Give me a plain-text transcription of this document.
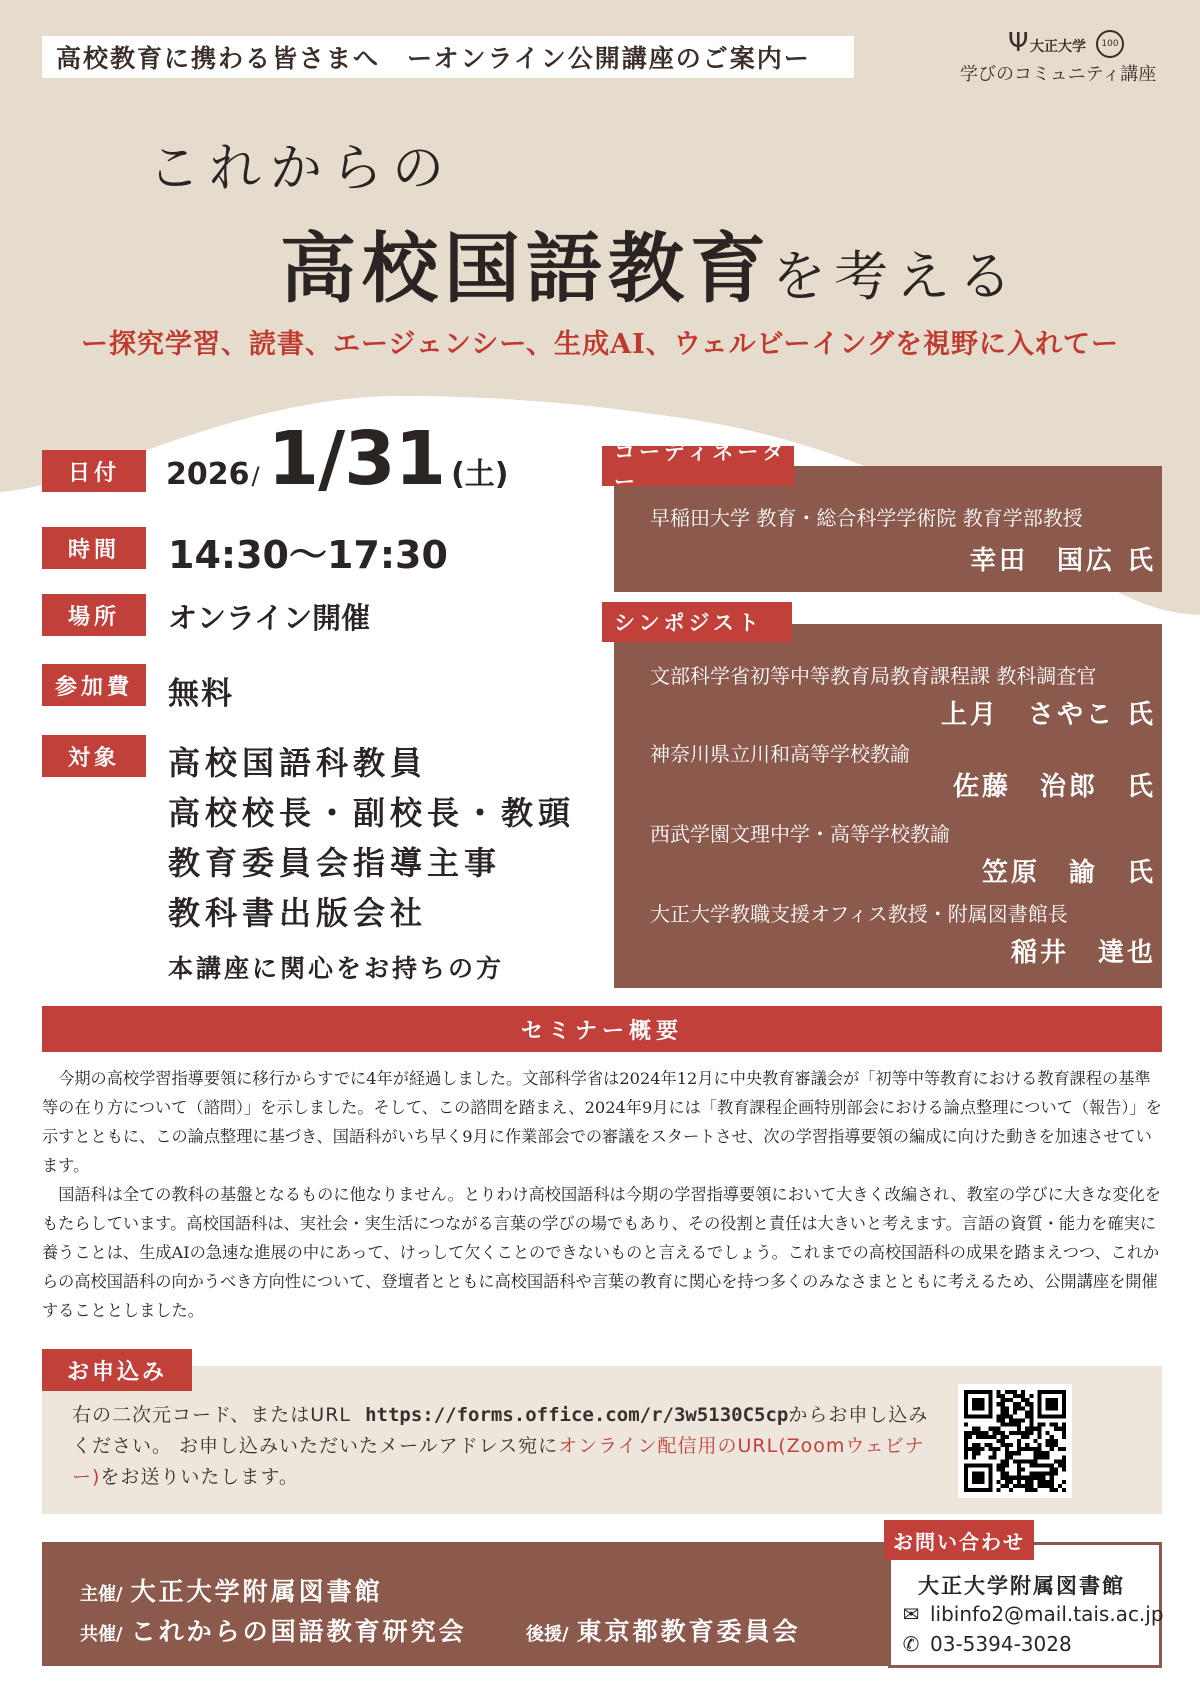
高校教育に携わる皆さまへ　ーオンライン公開講座のご案内ー
Ψ 大正大学	100
学びのコミュニティ講座
これからの
高校国語教育を考える
ー探究学習、読書、エージェンシー、生成AI、ウェルビーイングを視野に入れてー
日付
時間
場所
参加費
対象
2026/ 1/31 (土)
14:30～17:30
オンライン開催
無料
高校国語科教員
高校校長・副校長・教頭
教育委員会指導主事
教科書出版会社
本講座に関心をお持ちの方
コーディネーター
早稲田大学 教育・総合科学学術院 教育学部教授
幸田　国広 氏
シンポジスト
文部科学省初等中等教育局教育課程課 教科調査官
上月　さやこ 氏
神奈川県立川和高等学校教諭
佐藤　治郎　氏
西武学園文理中学・高等学校教諭
笠原　諭　氏
大正大学教職支援オフィス教授・附属図書館長
稲井　達也
セミナー概要

今期の高校学習指導要領に移行からすでに4年が経過しました。文部科学省は2024年12月に中央教育審議会が「初等中等教育における教育課程の基準等の在り方について（諮問）」を示しました。そして、この諮問を踏まえ、2024年9月には「教育課程企画特別部会における論点整理について（報告）」を示すとともに、この論点整理に基づき、国語科がいち早く9月に作業部会での審議をスタートさせ、次の学習指導要領の編成に向けた動きを加速させています。

国語科は全ての教科の基盤となるものに他なりません。とりわけ高校国語科は今期の学習指導要領において大きく改編され、教室の学びに大きな変化をもたらしています。高校国語科は、実社会・実生活につながる言葉の学びの場でもあり、その役割と責任は大きいと考えます。言語の資質・能力を確実に養うことは、生成AIの急速な進展の中にあって、けっして欠くことのできないものと言えるでしょう。これまでの高校国語科の成果を踏まえつつ、これからの高校国語科の向かうべき方向性について、登壇者とともに高校国語科や言葉の教育に関心を持つ多くのみなさまとともに考えるため、公開講座を開催することとしました。

お申込み
右の二次元コード、またはURL https://forms.office.com/r/3w5130C5cpからお申し込みください。 お申し込みいただいたメールアドレス宛にオンライン配信用のURL(Zoomウェビナー)をお送りいたします。
主催/ 大正大学附属図書館
共催/ これからの国語教育研究会	後援/ 東京都教育委員会
お問い合わせ
大正大学附属図書館
✉ libinfo2@mail.tais.ac.jp
✆ 03-5394-3028
